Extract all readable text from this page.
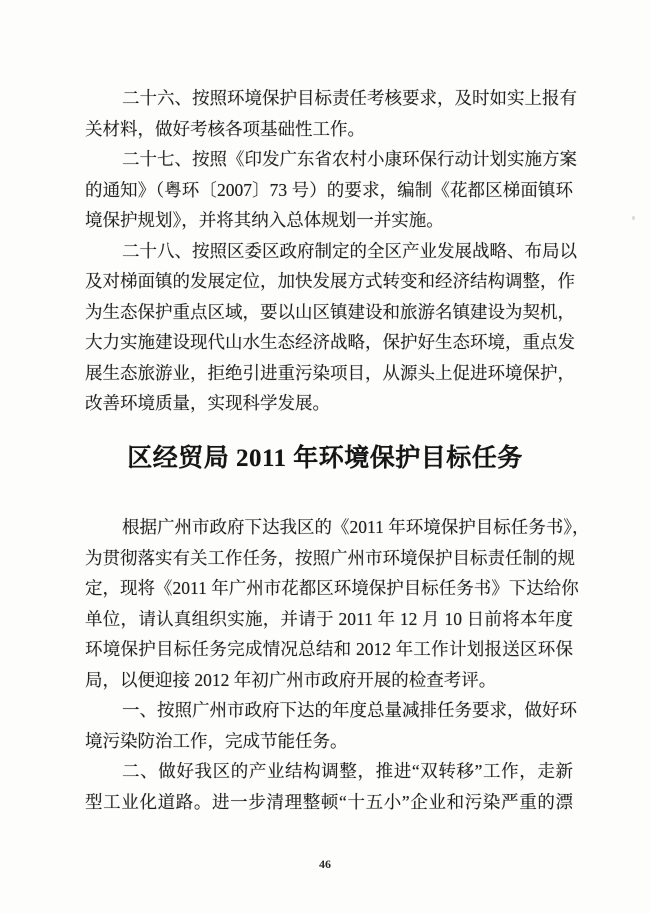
二十六、按照环境保护目标责任考核要求，及时如实上报有
关材料，做好考核各项基础性工作。
二十七、按照《印发广东省农村小康环保行动计划实施方案
的通知》（粤环〔2007〕73 号）的要求，编制《花都区梯面镇环
境保护规划》，并将其纳入总体规划一并实施。
二十八、按照区委区政府制定的全区产业发展战略、布局以
及对梯面镇的发展定位，加快发展方式转变和经济结构调整，作
为生态保护重点区域，要以山区镇建设和旅游名镇建设为契机，
大力实施建设现代山水生态经济战略，保护好生态环境，重点发
展生态旅游业，拒绝引进重污染项目，从源头上促进环境保护，
改善环境质量，实现科学发展。
区经贸局 2011 年环境保护目标任务
根据广州市政府下达我区的《2011 年环境保护目标任务书》，
为贯彻落实有关工作任务，按照广州市环境保护目标责任制的规
定，现将《2011 年广州市花都区环境保护目标任务书》下达给你
单位，请认真组织实施，并请于 2011 年 12 月 10 日前将本年度
环境保护目标任务完成情况总结和 2012 年工作计划报送区环保
局，以便迎接 2012 年初广州市政府开展的检查考评。
一、按照广州市政府下达的年度总量减排任务要求，做好环
境污染防治工作，完成节能任务。
二、做好我区的产业结构调整，推进“双转移”工作，走新
型工业化道路。进一步清理整顿“十五小”企业和污染严重的漂
46
